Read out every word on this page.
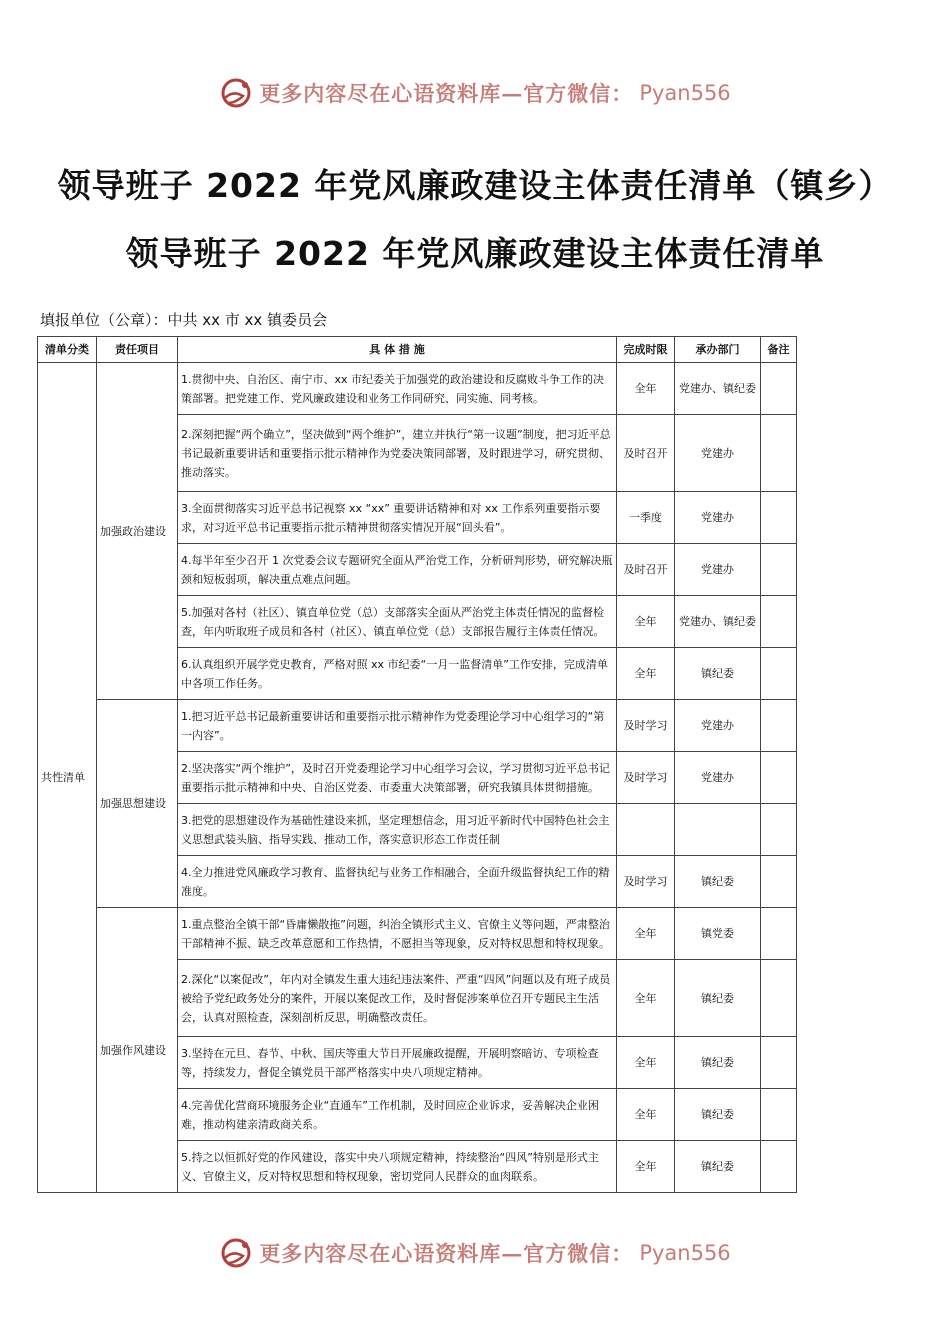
更多内容尽在心语资料库—官方微信： Pyan556
领导班子 2022 年党风廉政建设主体责任清单（镇乡）
领导班子 2022 年党风廉政建设主体责任清单
填报单位（公章）：中共 xx 市 xx 镇委员会
清单分类	责任项目	具 体 措 施	完成时限	承办部门	备注
共性清单	加强政治建设	1.贯彻中央、自治区、南宁市、xx 市纪委关于加强党的政治建设和反腐败斗争工作的决策部署。把党建工作、党风廉政建设和业务工作同研究、同实施、同考核。	全年	党建办、镇纪委	
		2.深刻把握“两个确立”，坚决做到“两个维护”，建立并执行“第一议题”制度，把习近平总书记最新重要讲话和重要指示批示精神作为党委决策同部署，及时跟进学习，研究贯彻、推动落实。	及时召开	党建办	
		3.全面贯彻落实习近平总书记视察 xx “xx” 重要讲话精神和对 xx 工作系列重要指示要求，对习近平总书记重要指示批示精神贯彻落实情况开展“回头看”。	一季度	党建办	
		4.每半年至少召开 1 次党委会议专题研究全面从严治党工作，分析研判形势，研究解决瓶颈和短板弱项，解决重点难点问题。	及时召开	党建办	
		5.加强对各村（社区）、镇直单位党（总）支部落实全面从严治党主体责任情况的监督检查，年内听取班子成员和各村（社区）、镇直单位党（总）支部报告履行主体责任情况。	全年	党建办、镇纪委	
		6.认真组织开展学党史教育，严格对照 xx 市纪委“一月一监督清单”工作安排，完成清单中各项工作任务。	全年	镇纪委	
	加强思想建设	1.把习近平总书记最新重要讲话和重要指示批示精神作为党委理论学习中心组学习的“第一内容”。	及时学习	党建办	
		2.坚决落实“两个维护”，及时召开党委理论学习中心组学习会议，学习贯彻习近平总书记重要指示批示精神和中央、自治区党委、市委重大决策部署，研究我镇具体贯彻措施。	及时学习	党建办	
		3.把党的思想建设作为基础性建设来抓，坚定理想信念，用习近平新时代中国特色社会主义思想武装头脑、指导实践、推动工作，落实意识形态工作责任制			
		4.全力推进党风廉政学习教育、监督执纪与业务工作相融合，全面升级监督执纪工作的精准度。	及时学习	镇纪委	
	加强作风建设	1.重点整治全镇干部“昏庸懒散拖”问题，纠治全镇形式主义、官僚主义等问题，严肃整治干部精神不振、缺乏改革意愿和工作热情，不愿担当等现象，反对特权思想和特权现象。	全年	镇党委	
		2.深化“以案促改”，年内对全镇发生重大违纪违法案件、严重“四风”问题以及有班子成员被给予党纪政务处分的案件，开展以案促改工作，及时督促涉案单位召开专题民主生活会，认真对照检查，深刻剖析反思，明确整改责任。	全年	镇纪委	
		3.坚持在元旦、春节、中秋、国庆等重大节日开展廉政提醒，开展明察暗访、专项检查等，持续发力，督促全镇党员干部严格落实中央八项规定精神。	全年	镇纪委	
		4.完善优化营商环境服务企业“直通车”工作机制，及时回应企业诉求，妥善解决企业困难，推动构建亲清政商关系。	全年	镇纪委	
		5.持之以恒抓好党的作风建设，落实中央八项规定精神，持续整治“四风”特别是形式主义、官僚主义，反对特权思想和特权现象，密切党同人民群众的血肉联系。	全年	镇纪委	
更多内容尽在心语资料库—官方微信： Pyan556
